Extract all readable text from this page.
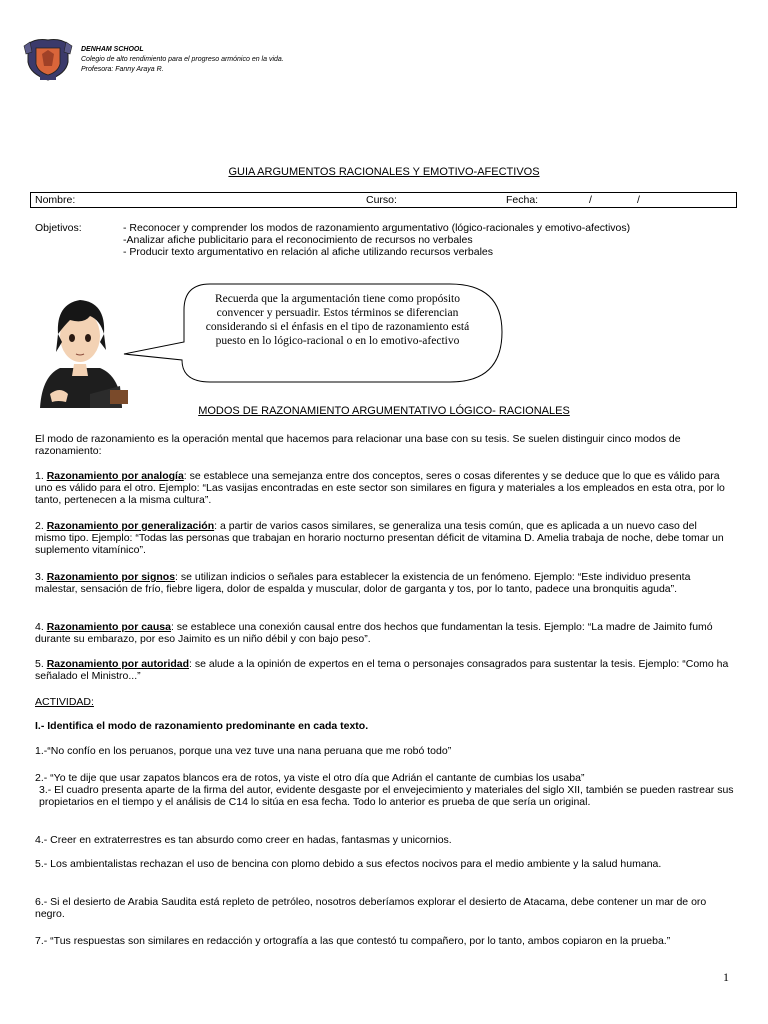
DENHAM SCHOOL
Colegio de alto rendimiento para el progreso armónico en la vida.
Profesora: Fanny Araya R.
GUIA ARGUMENTOS RACIONALES Y EMOTIVO-AFECTIVOS
Nombre:	Curso:	Fecha:	/	/
Objetivos:	- Reconocer y comprender los modos de razonamiento argumentativo (lógico-racionales y emotivo-afectivos)
-Analizar afiche publicitario para el reconocimiento de recursos no verbales
- Producir texto argumentativo en relación al afiche utilizando recursos verbales
Recuerda que la argumentación tiene como propósito convencer y persuadir. Estos términos se diferencian considerando si el énfasis en el tipo de razonamiento está puesto en lo lógico-racional o en lo emotivo-afectivo
MODOS DE RAZONAMIENTO ARGUMENTATIVO LÓGICO- RACIONALES
El modo de razonamiento es la operación mental que hacemos para relacionar una base con su tesis. Se suelen distinguir cinco modos de razonamiento:
1. Razonamiento por analogía: se establece una semejanza entre dos conceptos, seres o cosas diferentes y se deduce que lo que es válido para uno es válido para el otro. Ejemplo: “Las vasijas encontradas en este sector son similares en figura y materiales a los empleados en esta otra, por lo tanto, pertenecen a la misma cultura”.
2. Razonamiento por generalización: a partir de varios casos similares, se generaliza una tesis común, que es aplicada a un nuevo caso del mismo tipo. Ejemplo: “Todas las personas que trabajan en horario nocturno presentan déficit de vitamina D. Amelia trabaja de noche, debe tomar un suplemento vitamínico”.
3. Razonamiento por signos: se utilizan indicios o señales para establecer la existencia de un fenómeno. Ejemplo: “Este individuo presenta malestar, sensación de frío, fiebre ligera, dolor de espalda y muscular, dolor de garganta y tos, por lo tanto, padece una bronquitis aguda”.
4. Razonamiento por causa: se establece una conexión causal entre dos hechos que fundamentan la tesis. Ejemplo: “La madre de Jaimito fumó durante su embarazo, por eso Jaimito es un niño débil y con bajo peso”.
5. Razonamiento por autoridad: se alude a la opinión de expertos en el tema o personajes consagrados para sustentar la tesis. Ejemplo: “Como ha señalado el Ministro...”
ACTIVIDAD:
I.- Identifica el modo de razonamiento predominante en cada texto.
1.-“No confío en los peruanos, porque una vez tuve una nana peruana que me robó todo”
2.- “Yo te dije que usar zapatos blancos era de rotos, ya viste el otro día que Adrián el cantante de cumbias los usaba”
3.- El cuadro presenta aparte de la firma del autor, evidente desgaste por el envejecimiento y materiales del siglo XII, también se pueden rastrear sus propietarios en el tiempo y el análisis de C14 lo sitúa en esa fecha. Todo lo anterior es prueba de que sería un original.
4.- Creer en extraterrestres es tan absurdo como creer en hadas, fantasmas y unicornios.
5.- Los ambientalistas rechazan el uso de bencina con plomo debido a sus efectos nocivos para el medio ambiente y la salud humana.
6.- Si el desierto de Arabia Saudita está repleto de petróleo, nosotros deberíamos explorar el desierto de Atacama, debe contener un mar de oro negro.
7.- “Tus respuestas son similares en redacción y ortografía a las que contestó tu compañero, por lo tanto, ambos copiaron en la prueba.”
1
